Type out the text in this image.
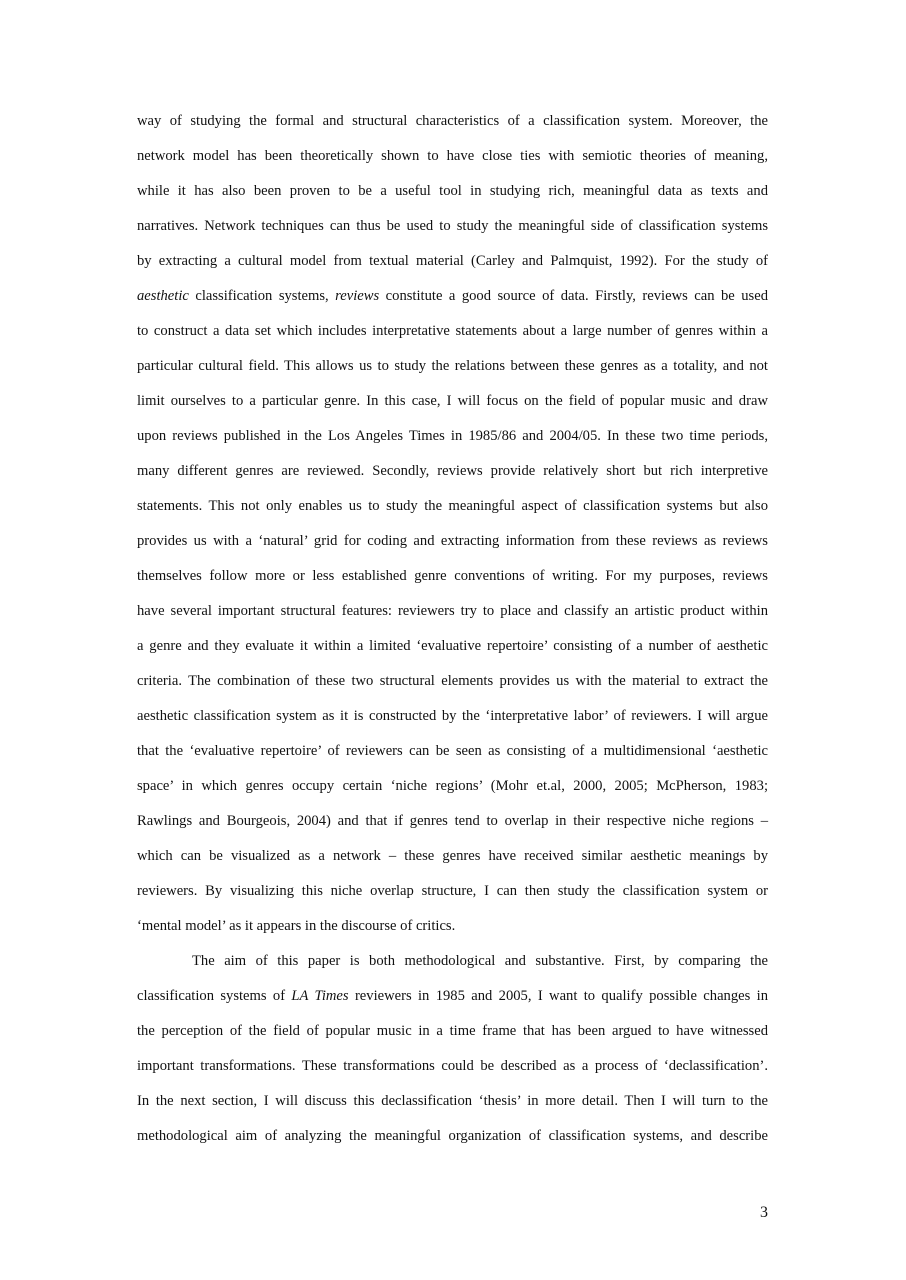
way of studying the formal and structural characteristics of a classification system. Moreover, the
network model has been theoretically shown to have close ties with semiotic theories of meaning,
while it has also been proven to be a useful tool in studying rich, meaningful data as texts and
narratives. Network techniques can thus be used to study the meaningful side of classification systems
by extracting a cultural model from textual material (Carley and Palmquist, 1992). For the study of
aesthetic classification systems, reviews constitute a good source of data. Firstly, reviews can be used
to construct a data set which includes interpretative statements about a large number of genres within a
particular cultural field. This allows us to study the relations between these genres as a totality, and not
limit ourselves to a particular genre. In this case, I will focus on the field of popular music and draw
upon reviews published in the Los Angeles Times in 1985/86 and 2004/05. In these two time periods,
many different genres are reviewed. Secondly, reviews provide relatively short but rich interpretive
statements. This not only enables us to study the meaningful aspect of classification systems but also
provides us with a ‘natural’ grid for coding and extracting information from these reviews as reviews
themselves follow more or less established genre conventions of writing. For my purposes, reviews
have several important structural features: reviewers try to place and classify an artistic product within
a genre and they evaluate it within a limited ‘evaluative repertoire’ consisting of a number of aesthetic
criteria. The combination of these two structural elements provides us with the material to extract the
aesthetic classification system as it is constructed by the ‘interpretative labor’ of reviewers. I will argue
that the ‘evaluative repertoire’ of reviewers can be seen as consisting of a multidimensional ‘aesthetic
space’ in which genres occupy certain ‘niche regions’ (Mohr et.al, 2000, 2005; McPherson, 1983;
Rawlings and Bourgeois, 2004) and that if genres tend to overlap in their respective niche regions –
which can be visualized as a network – these genres have received similar aesthetic meanings by
reviewers. By visualizing this niche overlap structure, I can then study the classification system or
‘mental model’ as it appears in the discourse of critics.
The aim of this paper is both methodological and substantive. First, by comparing the
classification systems of LA Times reviewers in 1985 and 2005, I want to qualify possible changes in
the perception of the field of popular music in a time frame that has been argued to have witnessed
important transformations. These transformations could be described as a process of ‘declassification’.
In the next section, I will discuss this declassification ‘thesis’ in more detail. Then I will turn to the
methodological aim of analyzing the meaningful organization of classification systems, and describe
3
